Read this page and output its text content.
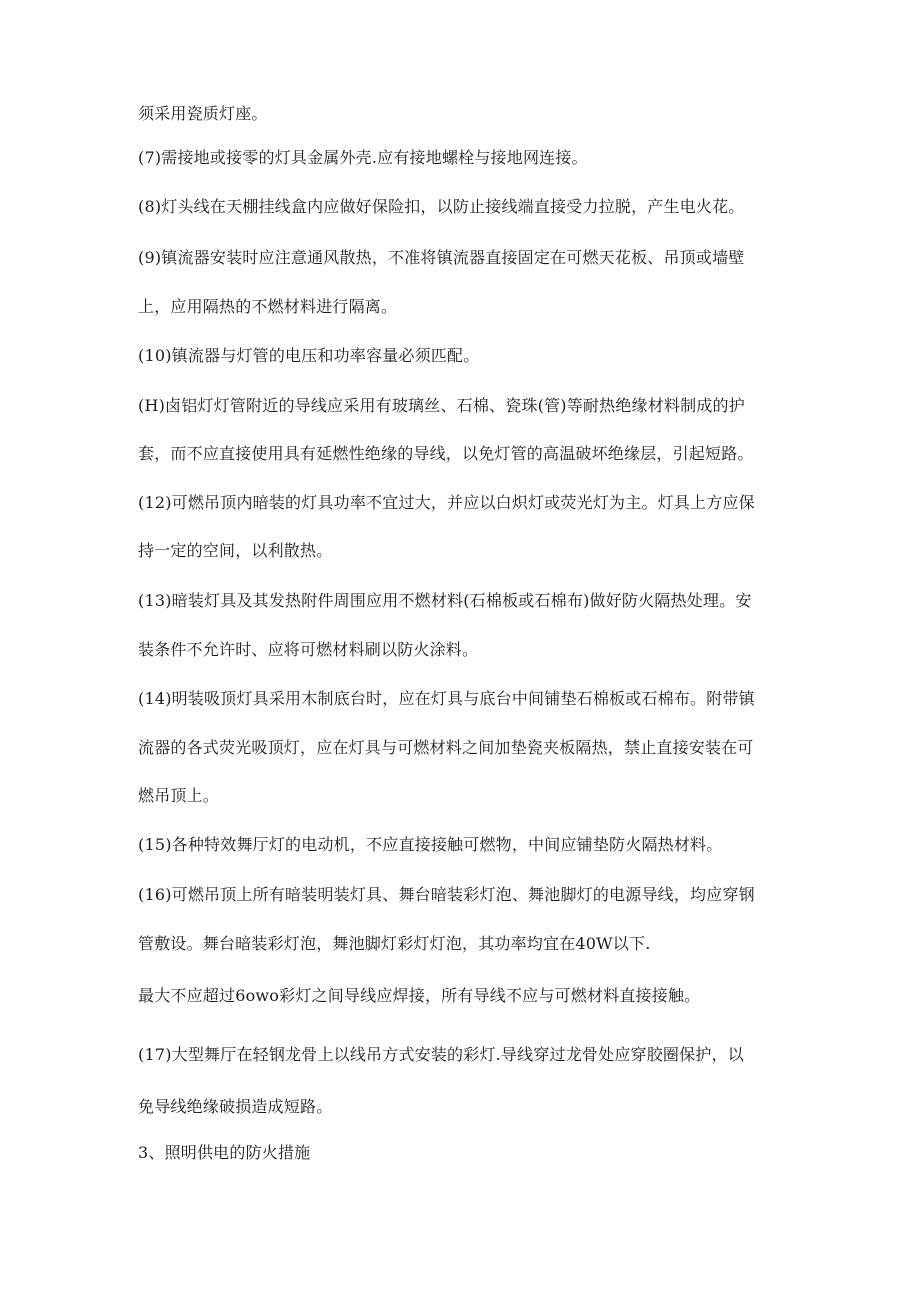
须采用瓷质灯座。
(7)需接地或接零的灯具金属外壳.应有接地螺栓与接地网连接。
(8)灯头线在天棚挂线盒内应做好保险扣，以防止接线端直接受力拉脱，产生电火花。
(9)镇流器安装时应注意通风散热，不准将镇流器直接固定在可燃天花板、吊顶或墙壁
上，应用隔热的不燃材料进行隔离。
(10)镇流器与灯管的电压和功率容量必须匹配。
(H)卤铝灯灯管附近的导线应采用有玻璃丝、石棉、瓷珠(管)等耐热绝缘材料制成的护
套，而不应直接使用具有延燃性绝缘的导线，以免灯管的高温破坏绝缘层，引起短路。
(12)可燃吊顶内暗装的灯具功率不宜过大，并应以白炽灯或荧光灯为主。灯具上方应保
持一定的空间，以利散热。
(13)暗装灯具及其发热附件周围应用不燃材料(石棉板或石棉布)做好防火隔热处理。安
装条件不允许时、应将可燃材料刷以防火涂料。
(14)明装吸顶灯具采用木制底台时，应在灯具与底台中间铺垫石棉板或石棉布。附带镇
流器的各式荧光吸顶灯，应在灯具与可燃材料之间加垫瓷夹板隔热，禁止直接安装在可
燃吊顶上。
(15)各种特效舞厅灯的电动机，不应直接接触可燃物，中间应铺垫防火隔热材料。
(16)可燃吊顶上所有暗装明装灯具、舞台暗装彩灯泡、舞池脚灯的电源导线，均应穿钢
管敷设。舞台暗装彩灯泡，舞池脚灯彩灯灯泡，其功率均宜在40W以下.
最大不应超过6owo彩灯之间导线应焊接，所有导线不应与可燃材料直接接触。
(17)大型舞厅在轻钢龙骨上以线吊方式安装的彩灯.导线穿过龙骨处应穿胶圈保护，以
免导线绝缘破损造成短路。
3、照明供电的防火措施
